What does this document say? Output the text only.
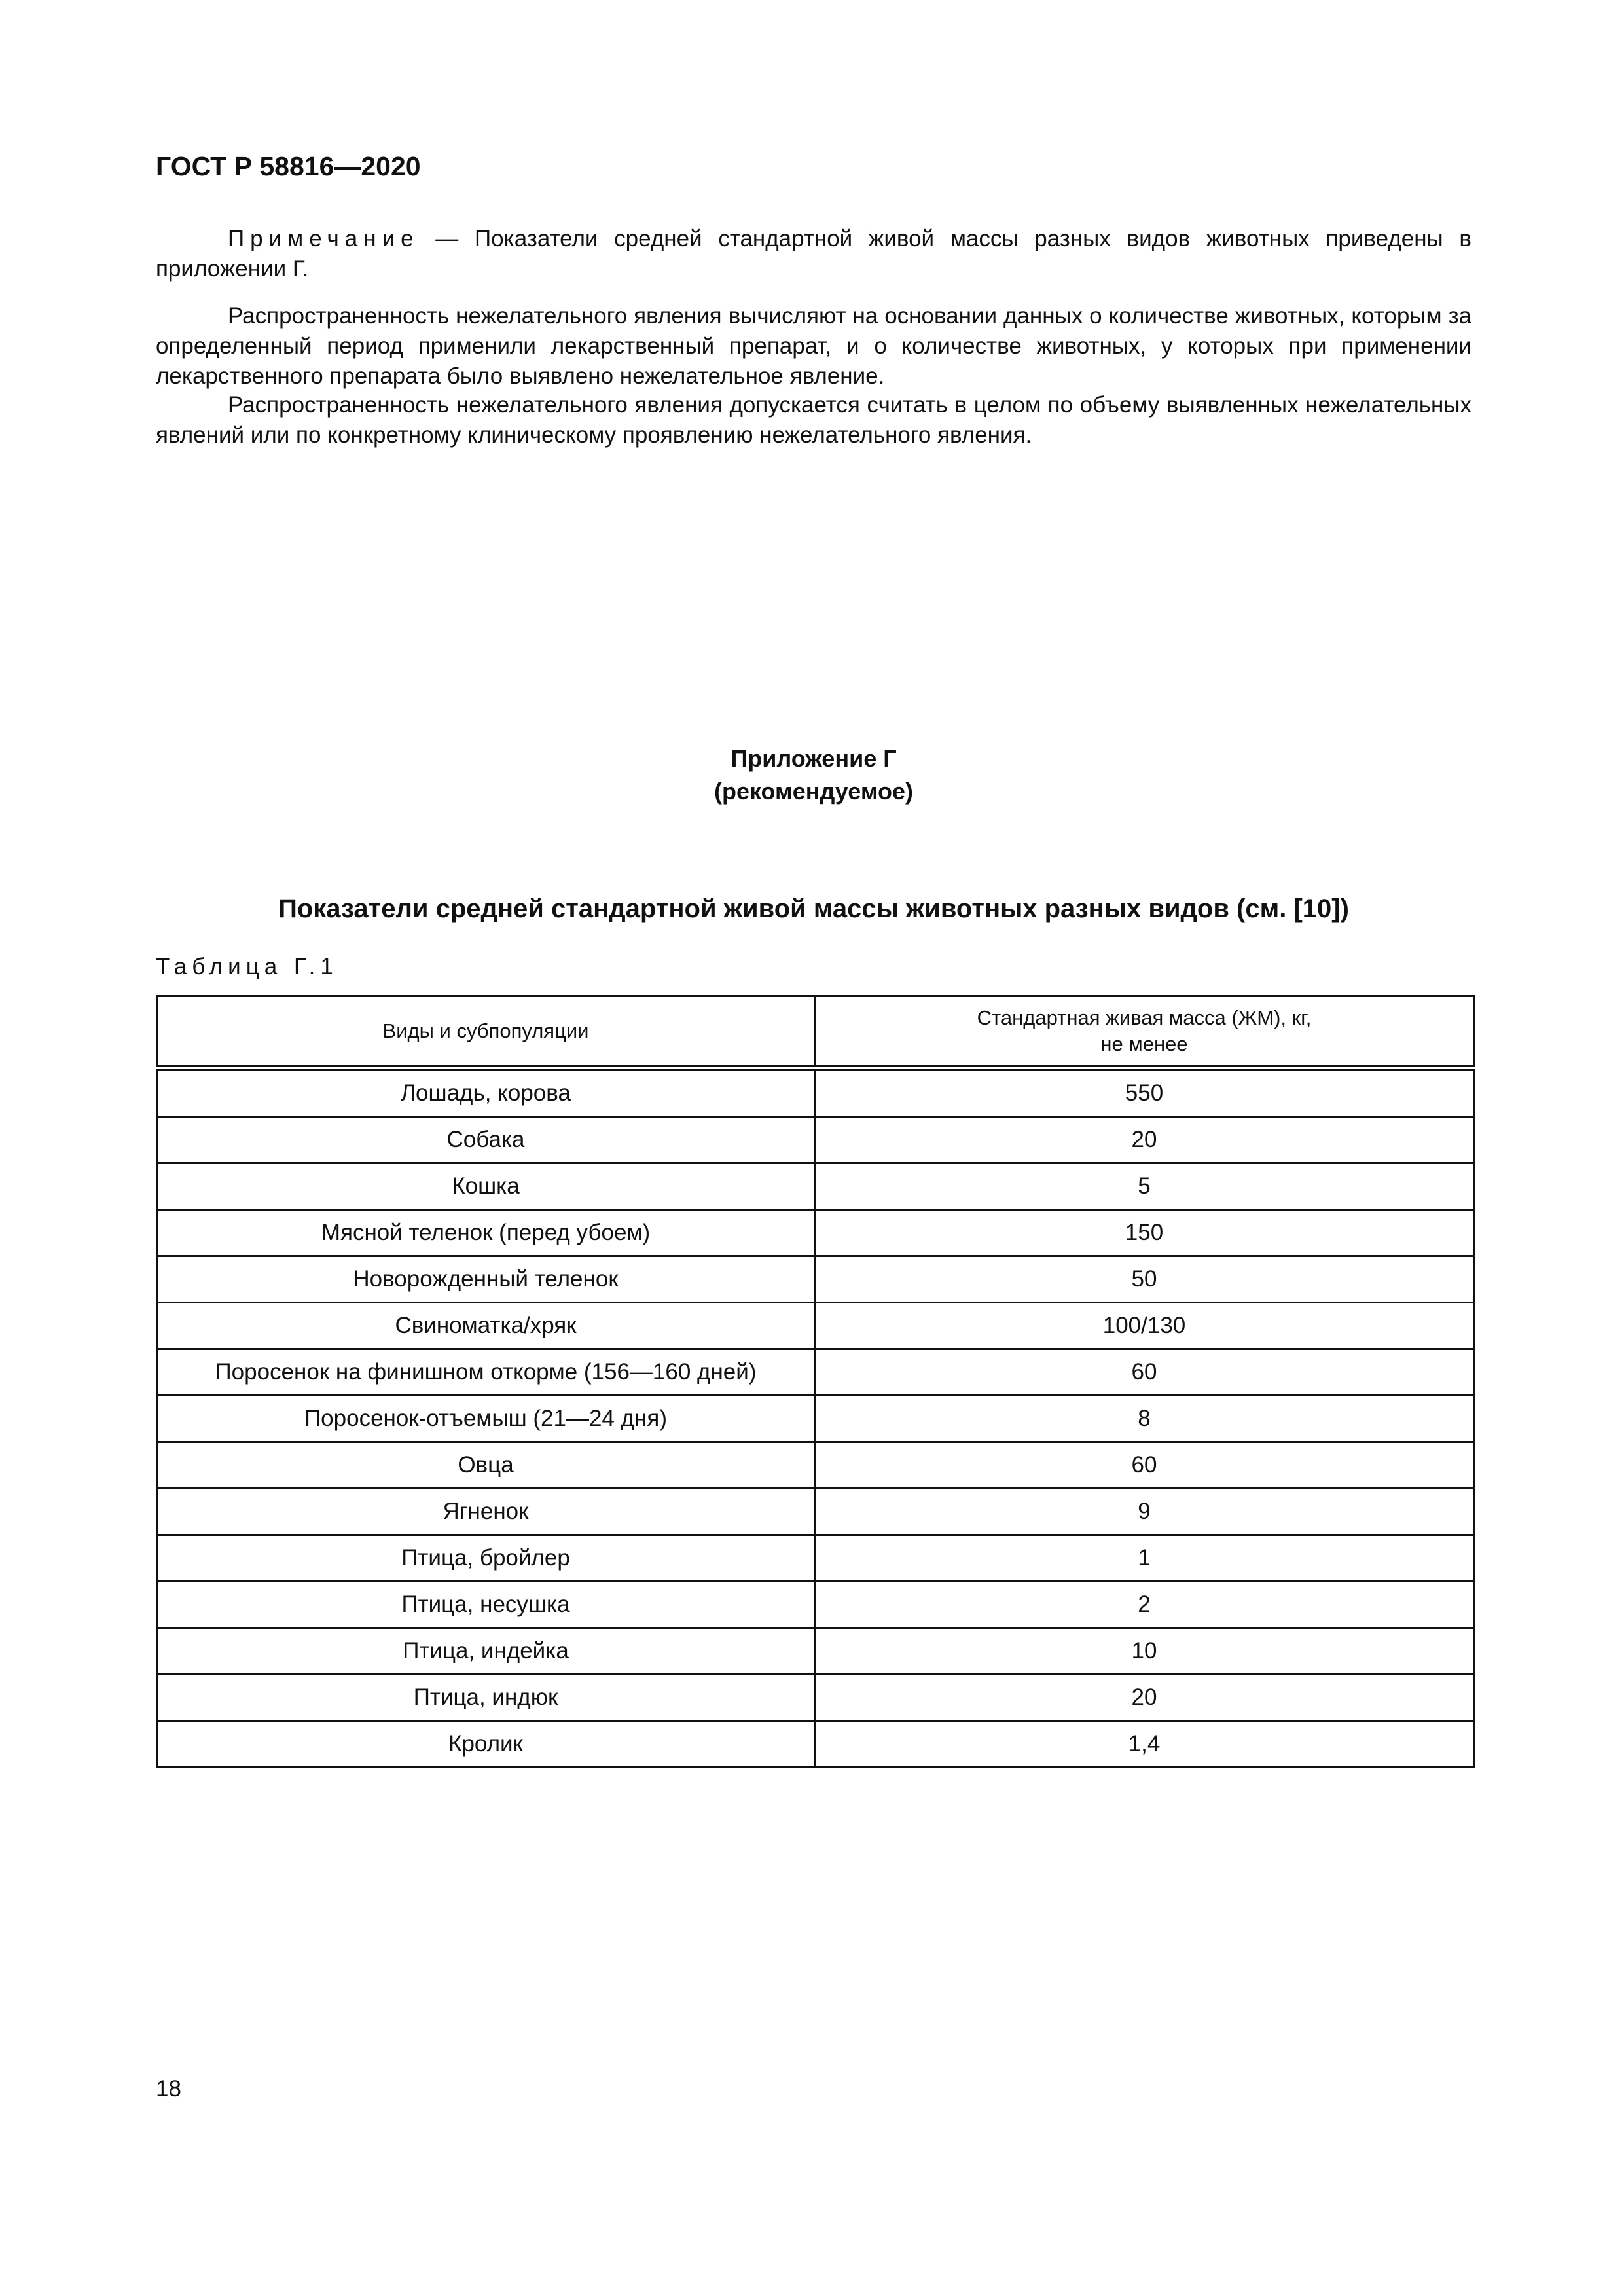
ГОСТ Р 58816—2020

Примечание — Показатели средней стандартной живой массы разных видов животных приведены в приложении Г.

Распространенность нежелательного явления вычисляют на основании данных о количестве животных, которым за определенный период применили лекарственный препарат, и о количестве животных, у которых при применении лекарственного препарата было выявлено нежелательное явление.

Распространенность нежелательного явления допускается считать в целом по объему выявленных нежелательных явлений или по конкретному клиническому проявлению нежелательного явления.

Приложение Г
(рекомендуемое)
Показатели средней стандартной живой массы животных разных видов (см. [10])

Таблица Г.1

Виды и субпопуляции	Стандартная живая масса (ЖМ), кг,
не менее

Лошадь, корова	550
Собака	20
Кошка	5
Мясной теленок (перед убоем)	150
Новорожденный теленок	50
Свиноматка/хряк	100/130
Поросенок на финишном откорме (156—160 дней)	60
Поросенок-отъемыш (21—24 дня)	8
Овца	60
Ягненок	9
Птица, бройлер	1
Птица, несушка	2
Птица, индейка	10
Птица, индюк	20
Кролик	1,4

18
